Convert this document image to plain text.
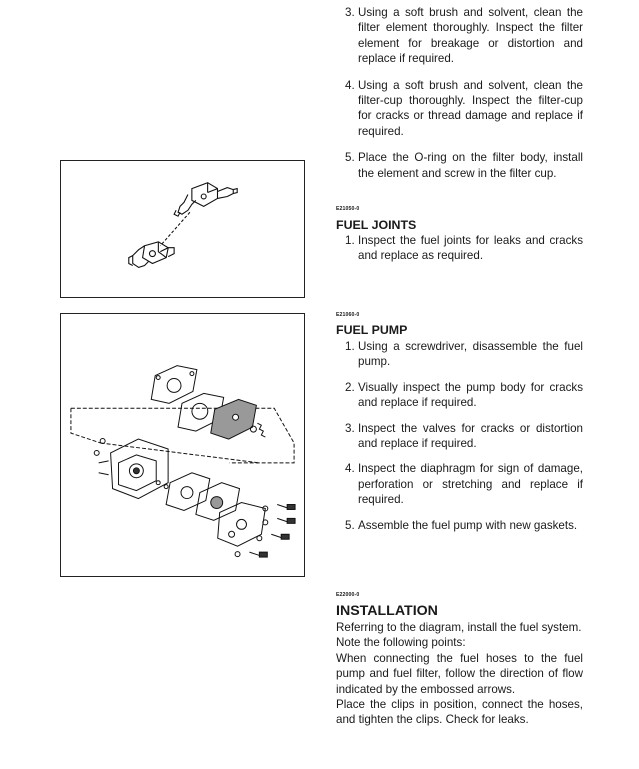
3. Using a soft brush and solvent, clean the filter element thoroughly. Inspect the filter element for breakage or distortion and replace if required.
4. Using a soft brush and solvent, clean the filter-cup thoroughly. Inspect the filter-cup for cracks or thread damage and replace if required.
5. Place the O-ring on the filter body, install the element and screw in the filter cup.
E21050-0
FUEL JOINTS
1. Inspect the fuel joints for leaks and cracks and replace as required.
E21060-0
FUEL PUMP
1. Using a screwdriver, disassemble the fuel pump.
2. Visually inspect the pump body for cracks and replace if required.
3. Inspect the valves for cracks or distortion and replace if required.
4. Inspect the diaphragm for sign of damage, perforation or stretching and replace if required.
5. Assemble the fuel pump with new gaskets.
E22000-0
INSTALLATION

Referring to the diagram, install the fuel system.

Note the following points:

When connecting the fuel hoses to the fuel pump and fuel filter, follow the direction of flow indicated by the embossed arrows.

Place the clips in position, connect the hoses, and tighten the clips. Check for leaks.
